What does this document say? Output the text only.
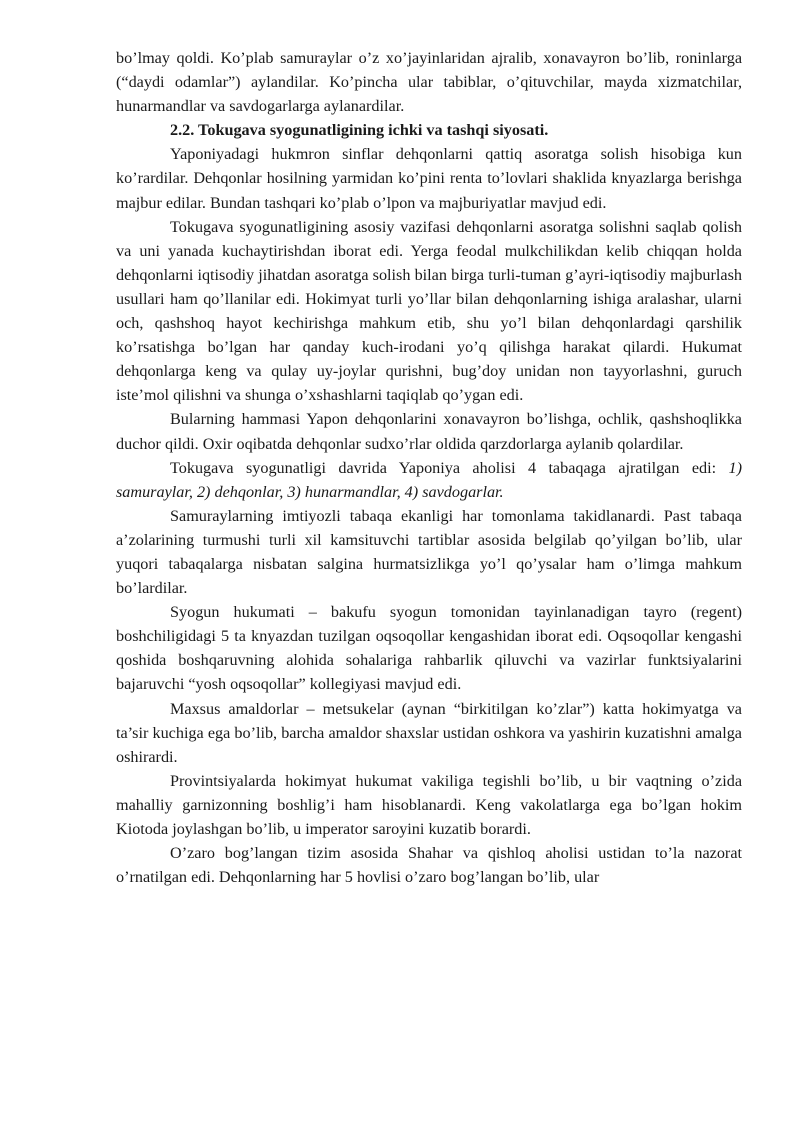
bo’lmay qoldi. Ko’plab samuraylar o’z xo’jayinlaridan ajralib, xonavayron bo’lib, roninlarga (“daydi odamlar”) aylandilar. Ko’pincha ular tabiblar, o’qituvchilar, mayda xizmatchilar, hunarmandlar va savdogarlarga aylanardilar.

2.2. Tokugava syogunatligining ichki va tashqi siyosati.

Yaponiyadagi hukmron sinflar dehqonlarni qattiq asoratga solish hisobiga kun ko’rardilar. Dehqonlar hosilning yarmidan ko’pini renta to’lovlari shaklida knyazlarga berishga majbur edilar. Bundan tashqari ko’plab o’lpon va majburiyatlar mavjud edi.

Tokugava syogunatligining asosiy vazifasi dehqonlarni asoratga solishni saqlab qolish va uni yanada kuchaytirishdan iborat edi. Yerga feodal mulkchilikdan kelib chiqqan holda dehqonlarni iqtisodiy jihatdan asoratga solish bilan birga turli-tuman g’ayri-iqtisodiy majburlash usullari ham qo’llanilar edi. Hokimyat turli yo’llar bilan dehqonlarning ishiga aralashar, ularni och, qashshoq hayot kechirishga mahkum etib, shu yo’l bilan dehqonlardagi qarshilik ko’rsatishga bo’lgan har qanday kuch-irodani yo’q qilishga harakat qilardi. Hukumat dehqonlarga keng va qulay uy-joylar qurishni, bug’doy unidan non tayyorlashni, guruch iste’mol qilishni va shunga o’xshashlarni taqiqlab qo’ygan edi.

Bularning hammasi Yapon dehqonlarini xonavayron bo’lishga, ochlik, qashshoqlikka duchor qildi. Oxir oqibatda dehqonlar sudxo’rlar oldida qarzdorlarga aylanib qolardilar.

Tokugava syogunatligi davrida Yaponiya aholisi 4 tabaqaga ajratilgan edi: 1) samuraylar, 2) dehqonlar, 3) hunarmandlar, 4) savdogarlar.

Samuraylarning imtiyozli tabaqa ekanligi har tomonlama takidlanardi. Past tabaqa a’zolarining turmushi turli xil kamsituvchi tartiblar asosida belgilab qo’yilgan bo’lib, ular yuqori tabaqalarga nisbatan salgina hurmatsizlikga yo’l qo’ysalar ham o’limga mahkum bo’lardilar.

Syogun hukumati – bakufu syogun tomonidan tayinlanadigan tayro (regent) boshchiligidagi 5 ta knyazdan tuzilgan oqsoqollar kengashidan iborat edi. Oqsoqollar kengashi qoshida boshqaruvning alohida sohalariga rahbarlik qiluvchi va vazirlar funktsiyalarini bajaruvchi “yosh oqsoqollar” kollegiyasi mavjud edi.

Maxsus amaldorlar – metsukelar (aynan “birkitilgan ko’zlar”) katta hokimyatga va ta’sir kuchiga ega bo’lib, barcha amaldor shaxslar ustidan oshkora va yashirin kuzatishni amalga oshirardi.

Provintsiyalarda hokimyat hukumat vakiliga tegishli bo’lib, u bir vaqtning o’zida mahalliy garnizonning boshlig’i ham hisoblanardi. Keng vakolatlarga ega bo’lgan hokim Kiotoda joylashgan bo’lib, u imperator saroyini kuzatib borardi.

O’zaro bog’langan tizim asosida Shahar va qishloq aholisi ustidan to’la nazorat o’rnatilgan edi. Dehqonlarning har 5 hovlisi o’zaro bog’langan bo’lib, ular
